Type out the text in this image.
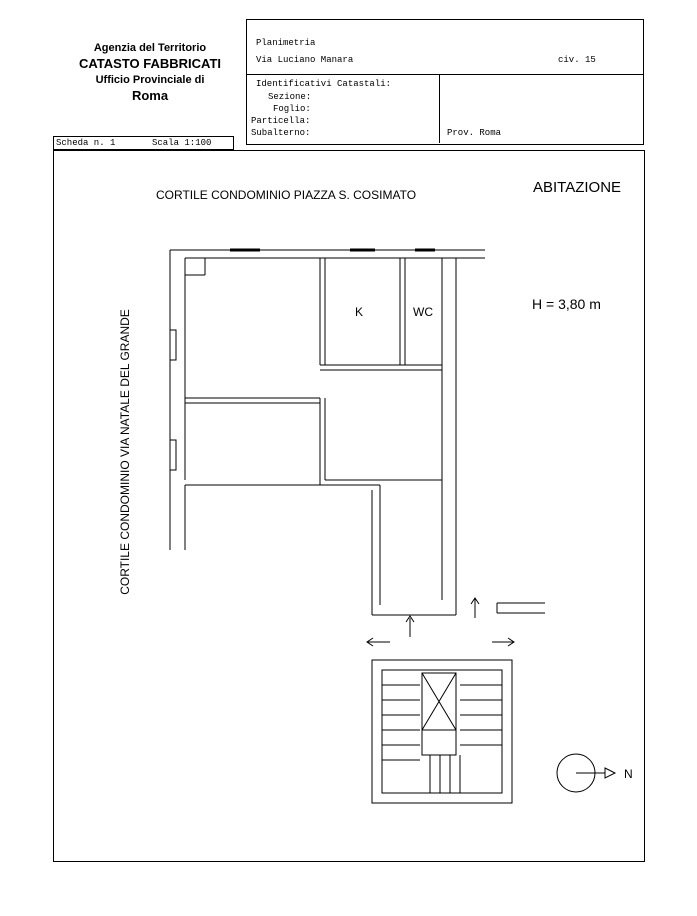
Agenzia del Territorio
CATASTO FABBRICATI
Ufficio Provinciale di
Roma
Planimetria
Via Luciano Manara	civ. 15
Identificativi Catastali:
Sezione:
Foglio:
Particella:
Subalterno:	Prov. Roma
Scheda n. 1	Scala 1:100
CORTILE CONDOMINIO PIAZZA S. COSIMATO	ABITAZIONE
H = 3,80 m
K	WC
N
CORTILE CONDOMINIO VIA NATALE DEL GRANDE
